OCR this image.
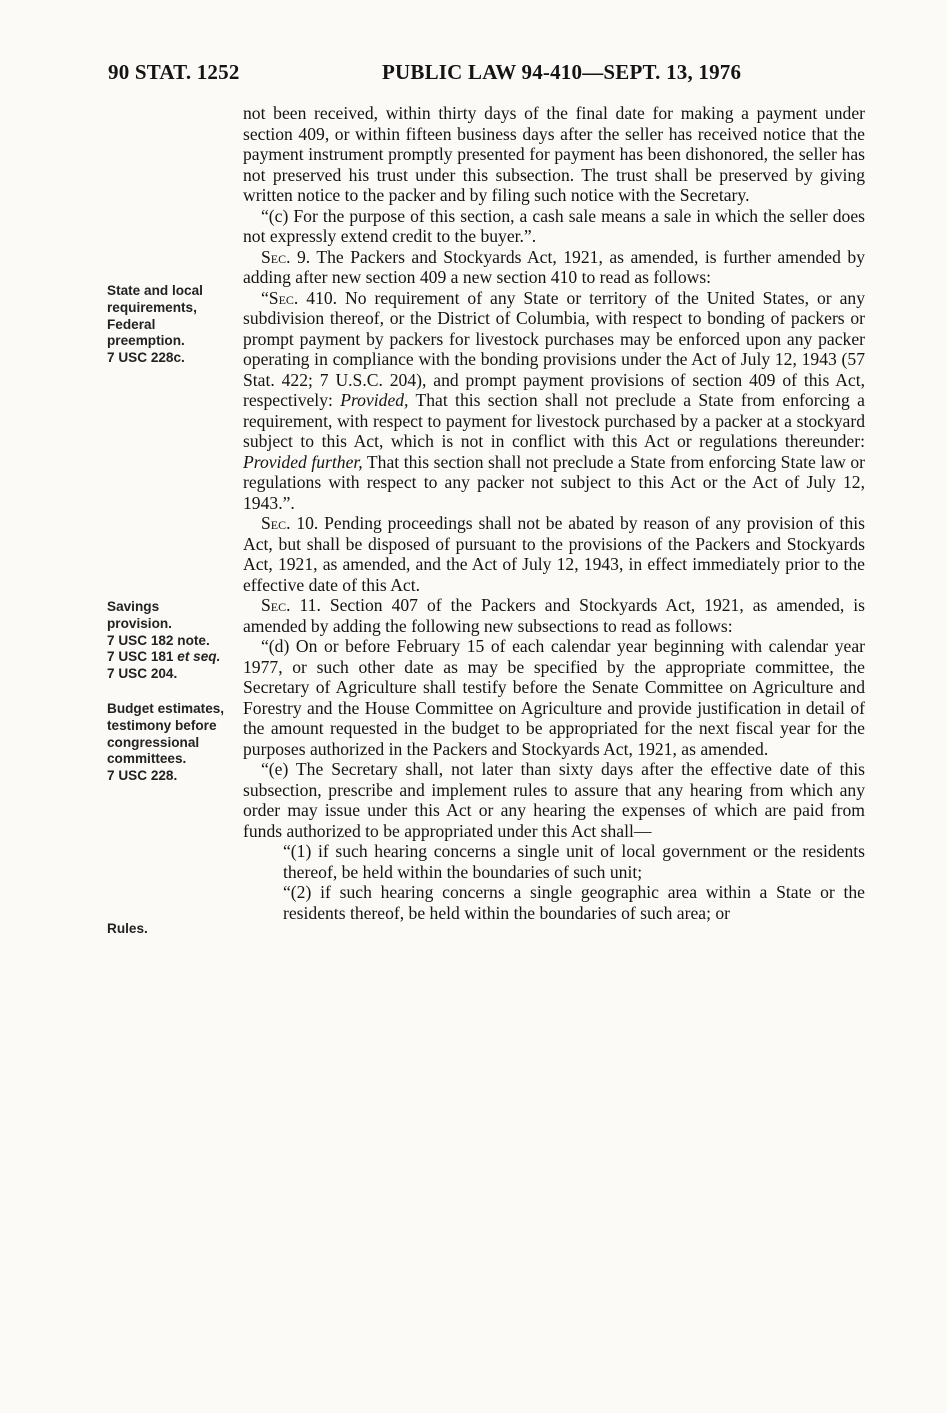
90 STAT. 1252	PUBLIC LAW 94-410—SEPT. 13, 1976
State and local
requirements,
Federal
preemption.
7 USC 228c.
Savings
provision.
7 USC 182 note.
7 USC 181 et seq.
7 USC 204.
Budget estimates,
testimony before
congressional
committees.
7 USC 228.
Rules.

not been received, within thirty days of the final date for making a payment under section 409, or within fifteen business days after the seller has received notice that the payment instrument promptly presented for payment has been dishonored, the seller has not preserved his trust under this subsection. The trust shall be preserved by giving written notice to the packer and by filing such notice with the Secretary.

“(c) For the purpose of this section, a cash sale means a sale in which the seller does not expressly extend credit to the buyer.”.

Sec. 9. The Packers and Stockyards Act, 1921, as amended, is further amended by adding after new section 409 a new section 410 to read as follows:

“Sec. 410. No requirement of any State or territory of the United States, or any subdivision thereof, or the District of Columbia, with respect to bonding of packers or prompt payment by packers for livestock purchases may be enforced upon any packer operating in compliance with the bonding provisions under the Act of July 12, 1943 (57 Stat. 422; 7 U.S.C. 204), and prompt payment provisions of section 409 of this Act, respectively: Provided, That this section shall not preclude a State from enforcing a requirement, with respect to payment for livestock purchased by a packer at a stockyard subject to this Act, which is not in conflict with this Act or regulations thereunder: Provided further, That this section shall not preclude a State from enforcing State law or regulations with respect to any packer not subject to this Act or the Act of July 12, 1943.”.

Sec. 10. Pending proceedings shall not be abated by reason of any provision of this Act, but shall be disposed of pursuant to the provisions of the Packers and Stockyards Act, 1921, as amended, and the Act of July 12, 1943, in effect immediately prior to the effective date of this Act.

Sec. 11. Section 407 of the Packers and Stockyards Act, 1921, as amended, is amended by adding the following new subsections to read as follows:

“(d) On or before February 15 of each calendar year beginning with calendar year 1977, or such other date as may be specified by the appropriate committee, the Secretary of Agriculture shall testify before the Senate Committee on Agriculture and Forestry and the House Committee on Agriculture and provide justification in detail of the amount requested in the budget to be appropriated for the next fiscal year for the purposes authorized in the Packers and Stockyards Act, 1921, as amended.

“(e) The Secretary shall, not later than sixty days after the effective date of this subsection, prescribe and implement rules to assure that any hearing from which any order may issue under this Act or any hearing the expenses of which are paid from funds authorized to be appropriated under this Act shall—

“(1) if such hearing concerns a single unit of local government or the residents thereof, be held within the boundaries of such unit;

“(2) if such hearing concerns a single geographic area within a State or the residents thereof, be held within the boundaries of such area; or
